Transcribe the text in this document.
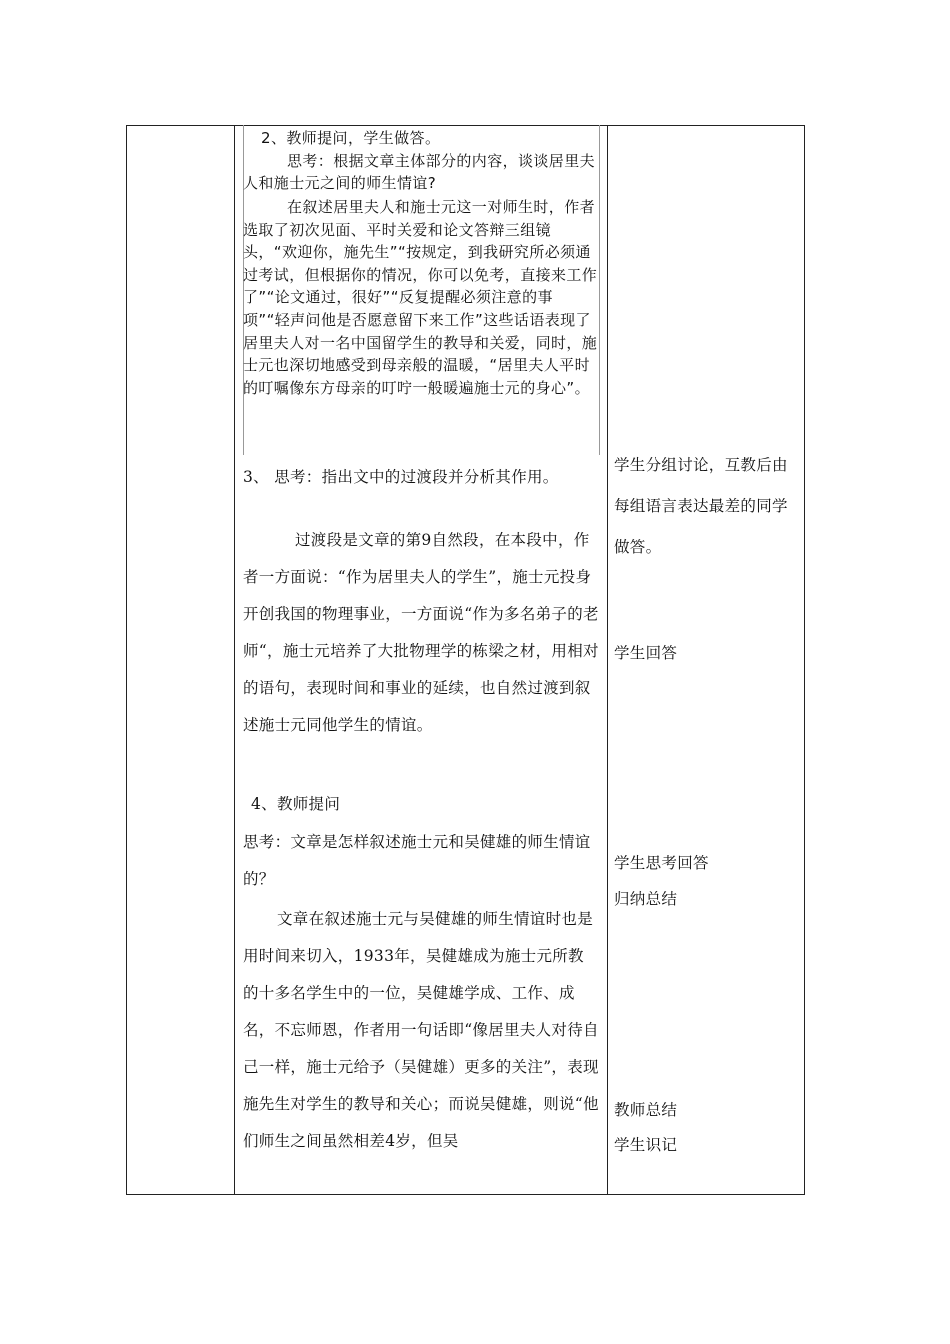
2、教师提问，学生做答。

思考：根据文章主体部分的内容，谈谈居里夫人和施士元之间的师生情谊?

在叙述居里夫人和施士元这一对师生时，作者选取了初次见面、平时关爱和论文答辩三组镜头，“欢迎你，施先生”“按规定，到我研究所必须通过考试，但根据你的情况，你可以免考，直接来工作了”“论文通过，很好”“反复提醒必须注意的事项”“轻声问他是否愿意留下来工作”这些话语表现了居里夫人对一名中国留学生的教导和关爱，同时，施士元也深切地感受到母亲般的温暖，“居里夫人平时的叮嘱像东方母亲的叮咛一般暖遍施士元的身心”。

3、 思考：指出文中的过渡段并分析其作用。

过渡段是文章的第9自然段，在本段中，作者一方面说：“作为居里夫人的学生”，施士元投身开创我国的物理事业，一方面说“作为多名弟子的老师“，施士元培养了大批物理学的栋梁之材，用相对的语句，表现时间和事业的延续，也自然过渡到叙述施士元同他学生的情谊。

4、教师提问

思考：文章是怎样叙述施士元和吴健雄的师生情谊的？

文章在叙述施士元与吴健雄的师生情谊时也是用时间来切入，1933年，吴健雄成为施士元所教的十多名学生中的一位，吴健雄学成、工作、成名，不忘师恩，作者用一句话即“像居里夫人对待自己一样，施士元给予（吴健雄）更多的关注”，表现施先生对学生的教导和关心；而说吴健雄，则说“他们师生之间虽然相差4岁，但吴

学生分组讨论，互教后由每组语言表达最差的同学做答。

学生回答

学生思考回答

归纳总结

教师总结

学生识记
